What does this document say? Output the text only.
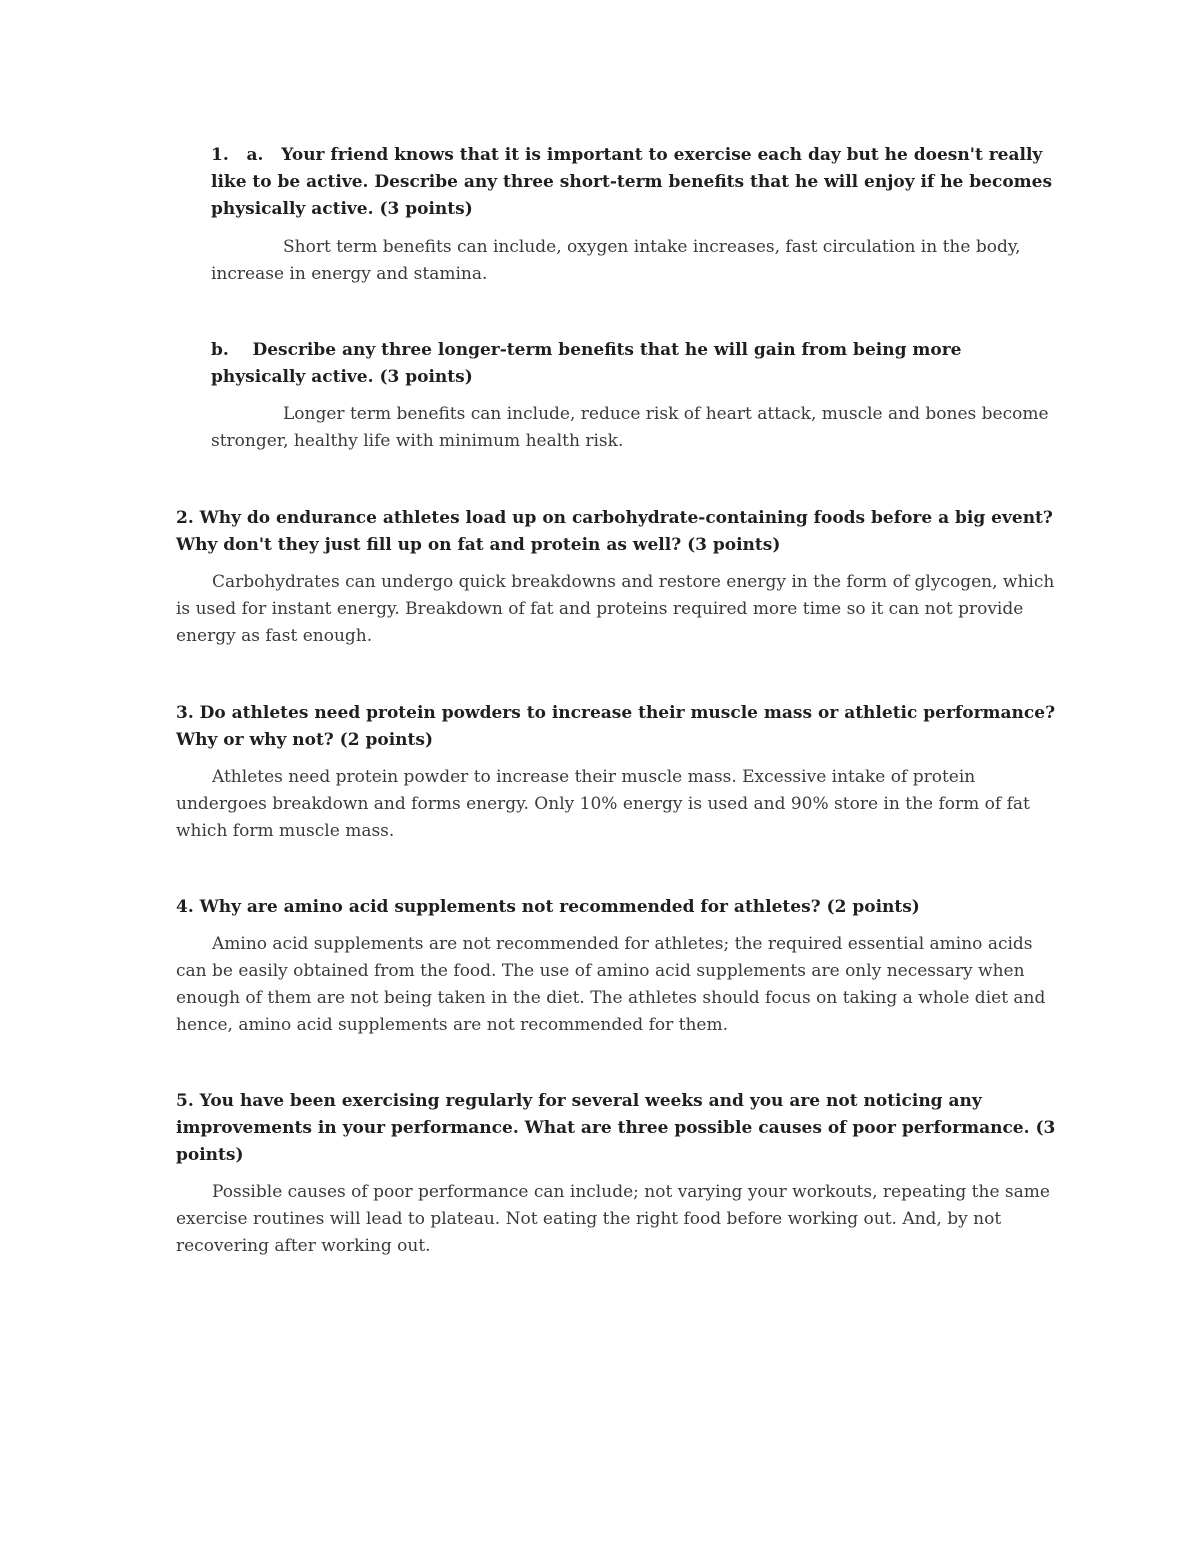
1.   a. Your friend knows that it is important to exercise each day but he doesn't really like to be active. Describe any three short-term benefits that he will enjoy if he becomes physically active. (3 points)

Short term benefits can include, oxygen intake increases, fast circulation in the body, increase in energy and stamina.

b. Describe any three longer-term benefits that he will gain from being more physically active. (3 points)

Longer term benefits can include, reduce risk of heart attack, muscle and bones become stronger, healthy life with minimum health risk.

2. Why do endurance athletes load up on carbohydrate-containing foods before a big event? Why don't they just fill up on fat and protein as well? (3 points)

Carbohydrates can undergo quick breakdowns and restore energy in the form of glycogen, which is used for instant energy. Breakdown of fat and proteins required more time so it can not provide energy as fast enough.

3. Do athletes need protein powders to increase their muscle mass or athletic performance? Why or why not? (2 points)

Athletes need protein powder to increase their muscle mass. Excessive intake of protein undergoes breakdown and forms energy. Only 10% energy is used and 90% store in the form of fat which form muscle mass.

4. Why are amino acid supplements not recommended for athletes? (2 points)

Amino acid supplements are not recommended for athletes; the required essential amino acids can be easily obtained from the food. The use of amino acid supplements are only necessary when enough of them are not being taken in the diet. The athletes should focus on taking a whole diet and hence, amino acid supplements are not recommended for them.

5. You have been exercising regularly for several weeks and you are not noticing any improvements in your performance. What are three possible causes of poor performance. (3 points)

Possible causes of poor performance can include; not varying your workouts, repeating the same exercise routines will lead to plateau. Not eating the right food before working out. And, by not recovering after working out.
